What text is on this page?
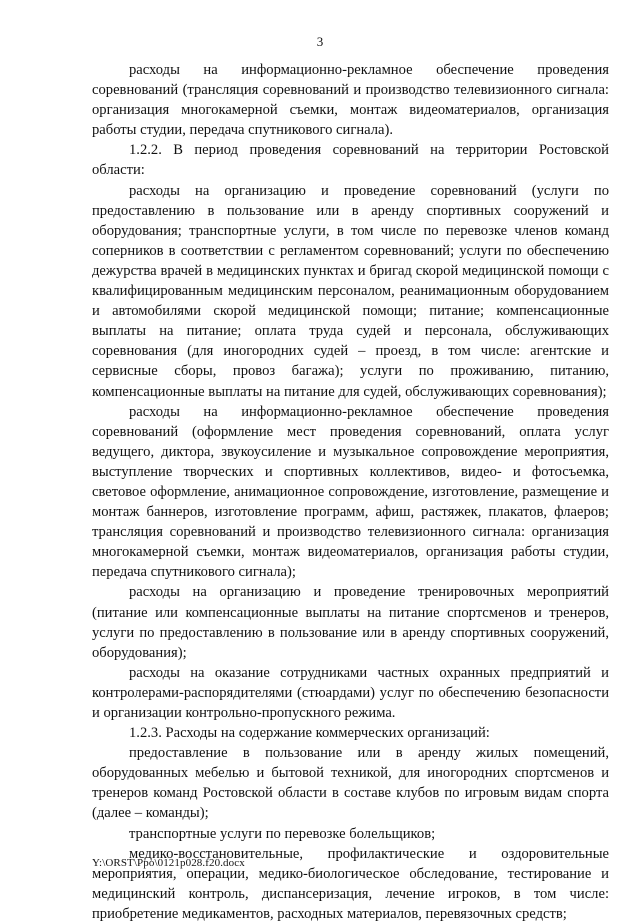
3

расходы на информационно-рекламное обеспечение проведения соревнований (трансляция соревнований и производство телевизионного сигнала: организация многокамерной съемки, монтаж видеоматериалов, организация работы студии, передача спутникового сигнала).

1.2.2. В период проведения соревнований на территории Ростовской области:

расходы на организацию и проведение соревнований (услуги по предоставлению в пользование или в аренду спортивных сооружений и оборудования; транспортные услуги, в том числе по перевозке членов команд соперников в соответствии с регламентом соревнований; услуги по обеспечению дежурства врачей в медицинских пунктах и бригад скорой медицинской помощи с квалифицированным медицинским персоналом, реанимационным оборудованием и автомобилями скорой медицинской помощи; питание; компенсационные выплаты на питание; оплата труда судей и персонала, обслуживающих соревнования (для иногородних судей – проезд, в том числе: агентские и сервисные сборы, провоз багажа); услуги по проживанию, питанию, компенсационные выплаты на питание для судей, обслуживающих соревнования);

расходы на информационно-рекламное обеспечение проведения соревнований (оформление мест проведения соревнований, оплата услуг ведущего, диктора, звукоусиление и музыкальное сопровождение мероприятия, выступление творческих и спортивных коллективов, видео- и фотосъемка, световое оформление, анимационное сопровождение, изготовление, размещение и монтаж баннеров, изготовление программ, афиш, растяжек, плакатов, флаеров; трансляция соревнований и производство телевизионного сигнала: организация многокамерной съемки, монтаж видеоматериалов, организация работы студии, передача спутникового сигнала);

расходы на организацию и проведение тренировочных мероприятий (питание или компенсационные выплаты на питание спортсменов и тренеров, услуги по предоставлению в пользование или в аренду спортивных сооружений, оборудования);

расходы на оказание сотрудниками частных охранных предприятий и контролерами-распорядителями (стюардами) услуг по обеспечению безопасности и организации контрольно-пропускного режима.

1.2.3. Расходы на содержание коммерческих организаций:

предоставление в пользование или в аренду жилых помещений, оборудованных мебелью и бытовой техникой, для иногородних спортсменов и тренеров команд Ростовской области в составе клубов по игровым видам спорта (далее – команды);

транспортные услуги по перевозке болельщиков;

медико-восстановительные, профилактические и оздоровительные мероприятия, операции, медико-биологическое обследование, тестирование и медицинский контроль, диспансеризация, лечение игроков, в том числе: приобретение медикаментов, расходных материалов, перевязочных средств;

Y:\ORST\Ppo\0121p028.f20.docx
